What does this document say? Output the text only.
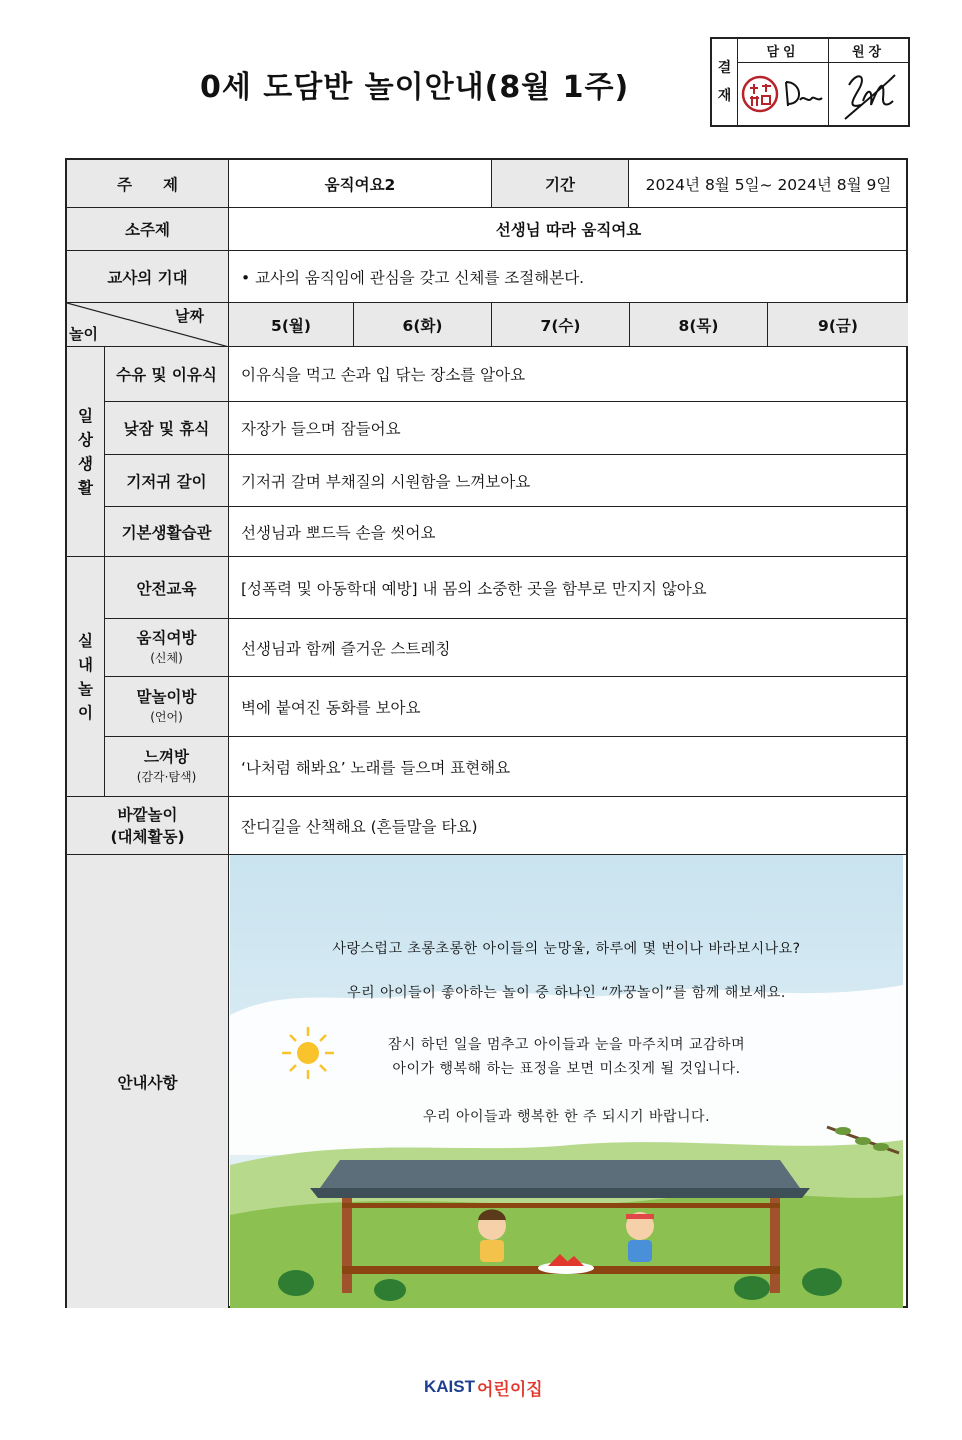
0세 도담반 놀이안내(8월 1주)
결
재
담임	원장
주　　제	움직여요2	기간	2024년 8월 5일~ 2024년 8월 9일
소주제	선생님 따라 움직여요
교사의 기대	• 교사의 움직임에 관심을 갖고 신체를 조절해본다.
날짜
놀이	5(월)	6(화)	7(수)	8(목)	9(금)
일
상
생
활
수유 및 이유식	이유식을 먹고 손과 입 닦는 장소를 알아요
낮잠 및 휴식	자장가 들으며 잠들어요
기저귀 갈이	기저귀 갈며 부채질의 시원함을 느껴보아요
기본생활습관	선생님과 뽀드득 손을 씻어요
실
내
놀
이
안전교육	[성폭력 및 아동학대 예방] 내 몸의 소중한 곳을 함부로 만지지 않아요
움직여방
(신체)	선생님과 함께 즐거운 스트레칭
말놀이방
(언어)	벽에 붙여진 동화를 보아요
느껴방
(감각·탐색)	‘나처럼 해봐요’ 노래를 들으며 표현해요
바깥놀이
(대체활동)
잔디길을 산책해요 (흔들말을 타요)
안내사항
사랑스럽고 초롱초롱한 아이들의 눈망울, 하루에 몇 번이나 바라보시나요?
우리 아이들이 좋아하는 놀이 중 하나인 “까꿍놀이”를 함께 해보세요.
잠시 하던 일을 멈추고 아이들과 눈을 마주치며 교감하며
아이가 행복해 하는 표정을 보면 미소짓게 될 것입니다.
우리 아이들과 행복한 한 주 되시기 바랍니다.
KAIST 어린이집
